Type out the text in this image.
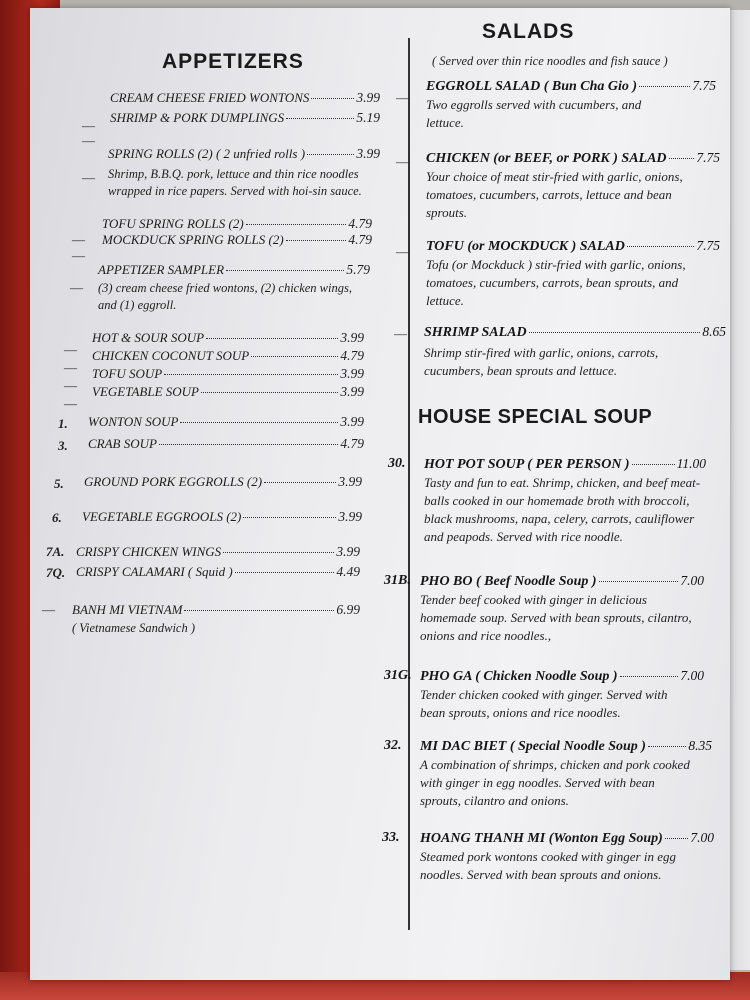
APPETIZERS
—
CREAM CHEESE FRIED WONTONS	3.99
—
SHRIMP & PORK DUMPLINGS	5.19
—
SPRING ROLLS (2) ( 2 unfried rolls )	3.99
Shrimp, B.B.Q. pork, lettuce and thin rice noodles wrapped in rice papers. Served with hoi-sin sauce.
—
TOFU SPRING ROLLS (2)	4.79
—
MOCKDUCK SPRING ROLLS (2)	4.79
—
APPETIZER SAMPLER	5.79
(3) cream cheese fried wontons, (2) chicken wings, and (1) eggroll.
—
HOT & SOUR SOUP	3.99
—
CHICKEN COCONUT SOUP	4.79
—
TOFU SOUP	3.99
—
VEGETABLE SOUP	3.99
1. WONTON SOUP	3.99
3. CRAB SOUP	4.79
5. GROUND PORK EGGROLLS (2)	3.99
6. VEGETABLE EGGROOLS (2)	3.99
7A. CRISPY CHICKEN WINGS	3.99
7Q. CRISPY CALAMARI ( Squid )	4.49
— BANH MI VIETNAM	6.99
( Vietnamese Sandwich )
SALADS
( Served over thin rice noodles and fish sauce )
—
EGGROLL SALAD ( Bun Cha Gio )	7.75
Two eggrolls served with cucumbers, and lettuce.
— CHICKEN (or BEEF, or PORK ) SALAD 7.75
Your choice of meat stir-fried with garlic, onions, tomatoes, cucumbers, carrots, lettuce and bean sprouts.
— TOFU (or MOCKDUCK ) SALAD	7.75
Tofu (or Mockduck ) stir-fried with garlic, onions, tomatoes, cucumbers, carrots, bean sprouts, and lettuce.
— SHRIMP SALAD	8.65
Shrimp stir-fired with garlic, onions, carrots, cucumbers, bean sprouts and lettuce.
HOUSE SPECIAL SOUP
30. HOT POT SOUP ( PER PERSON )	11.00
Tasty and fun to eat. Shrimp, chicken, and beef meat-balls cooked in our homemade broth with broccoli, black mushrooms, napa, celery, carrots, cauliflower and peapods. Served with rice noodle.
31B. PHO BO ( Beef Noodle Soup )	7.00
Tender beef cooked with ginger in delicious homemade soup. Served with bean sprouts, cilantro, onions and rice noodles.,
31G. PHO GA ( Chicken Noodle Soup )	7.00
Tender chicken cooked with ginger. Served with bean sprouts, onions and rice noodles.
32. MI DAC BIET ( Special Noodle Soup )	8.35
A combination of shrimps, chicken and pork cooked with ginger in egg noodles. Served with bean sprouts, cilantro and onions.
33. HOANG THANH MI (Wonton Egg Soup) 7.00
Steamed pork wontons cooked with ginger in egg noodles. Served with bean sprouts and onions.
